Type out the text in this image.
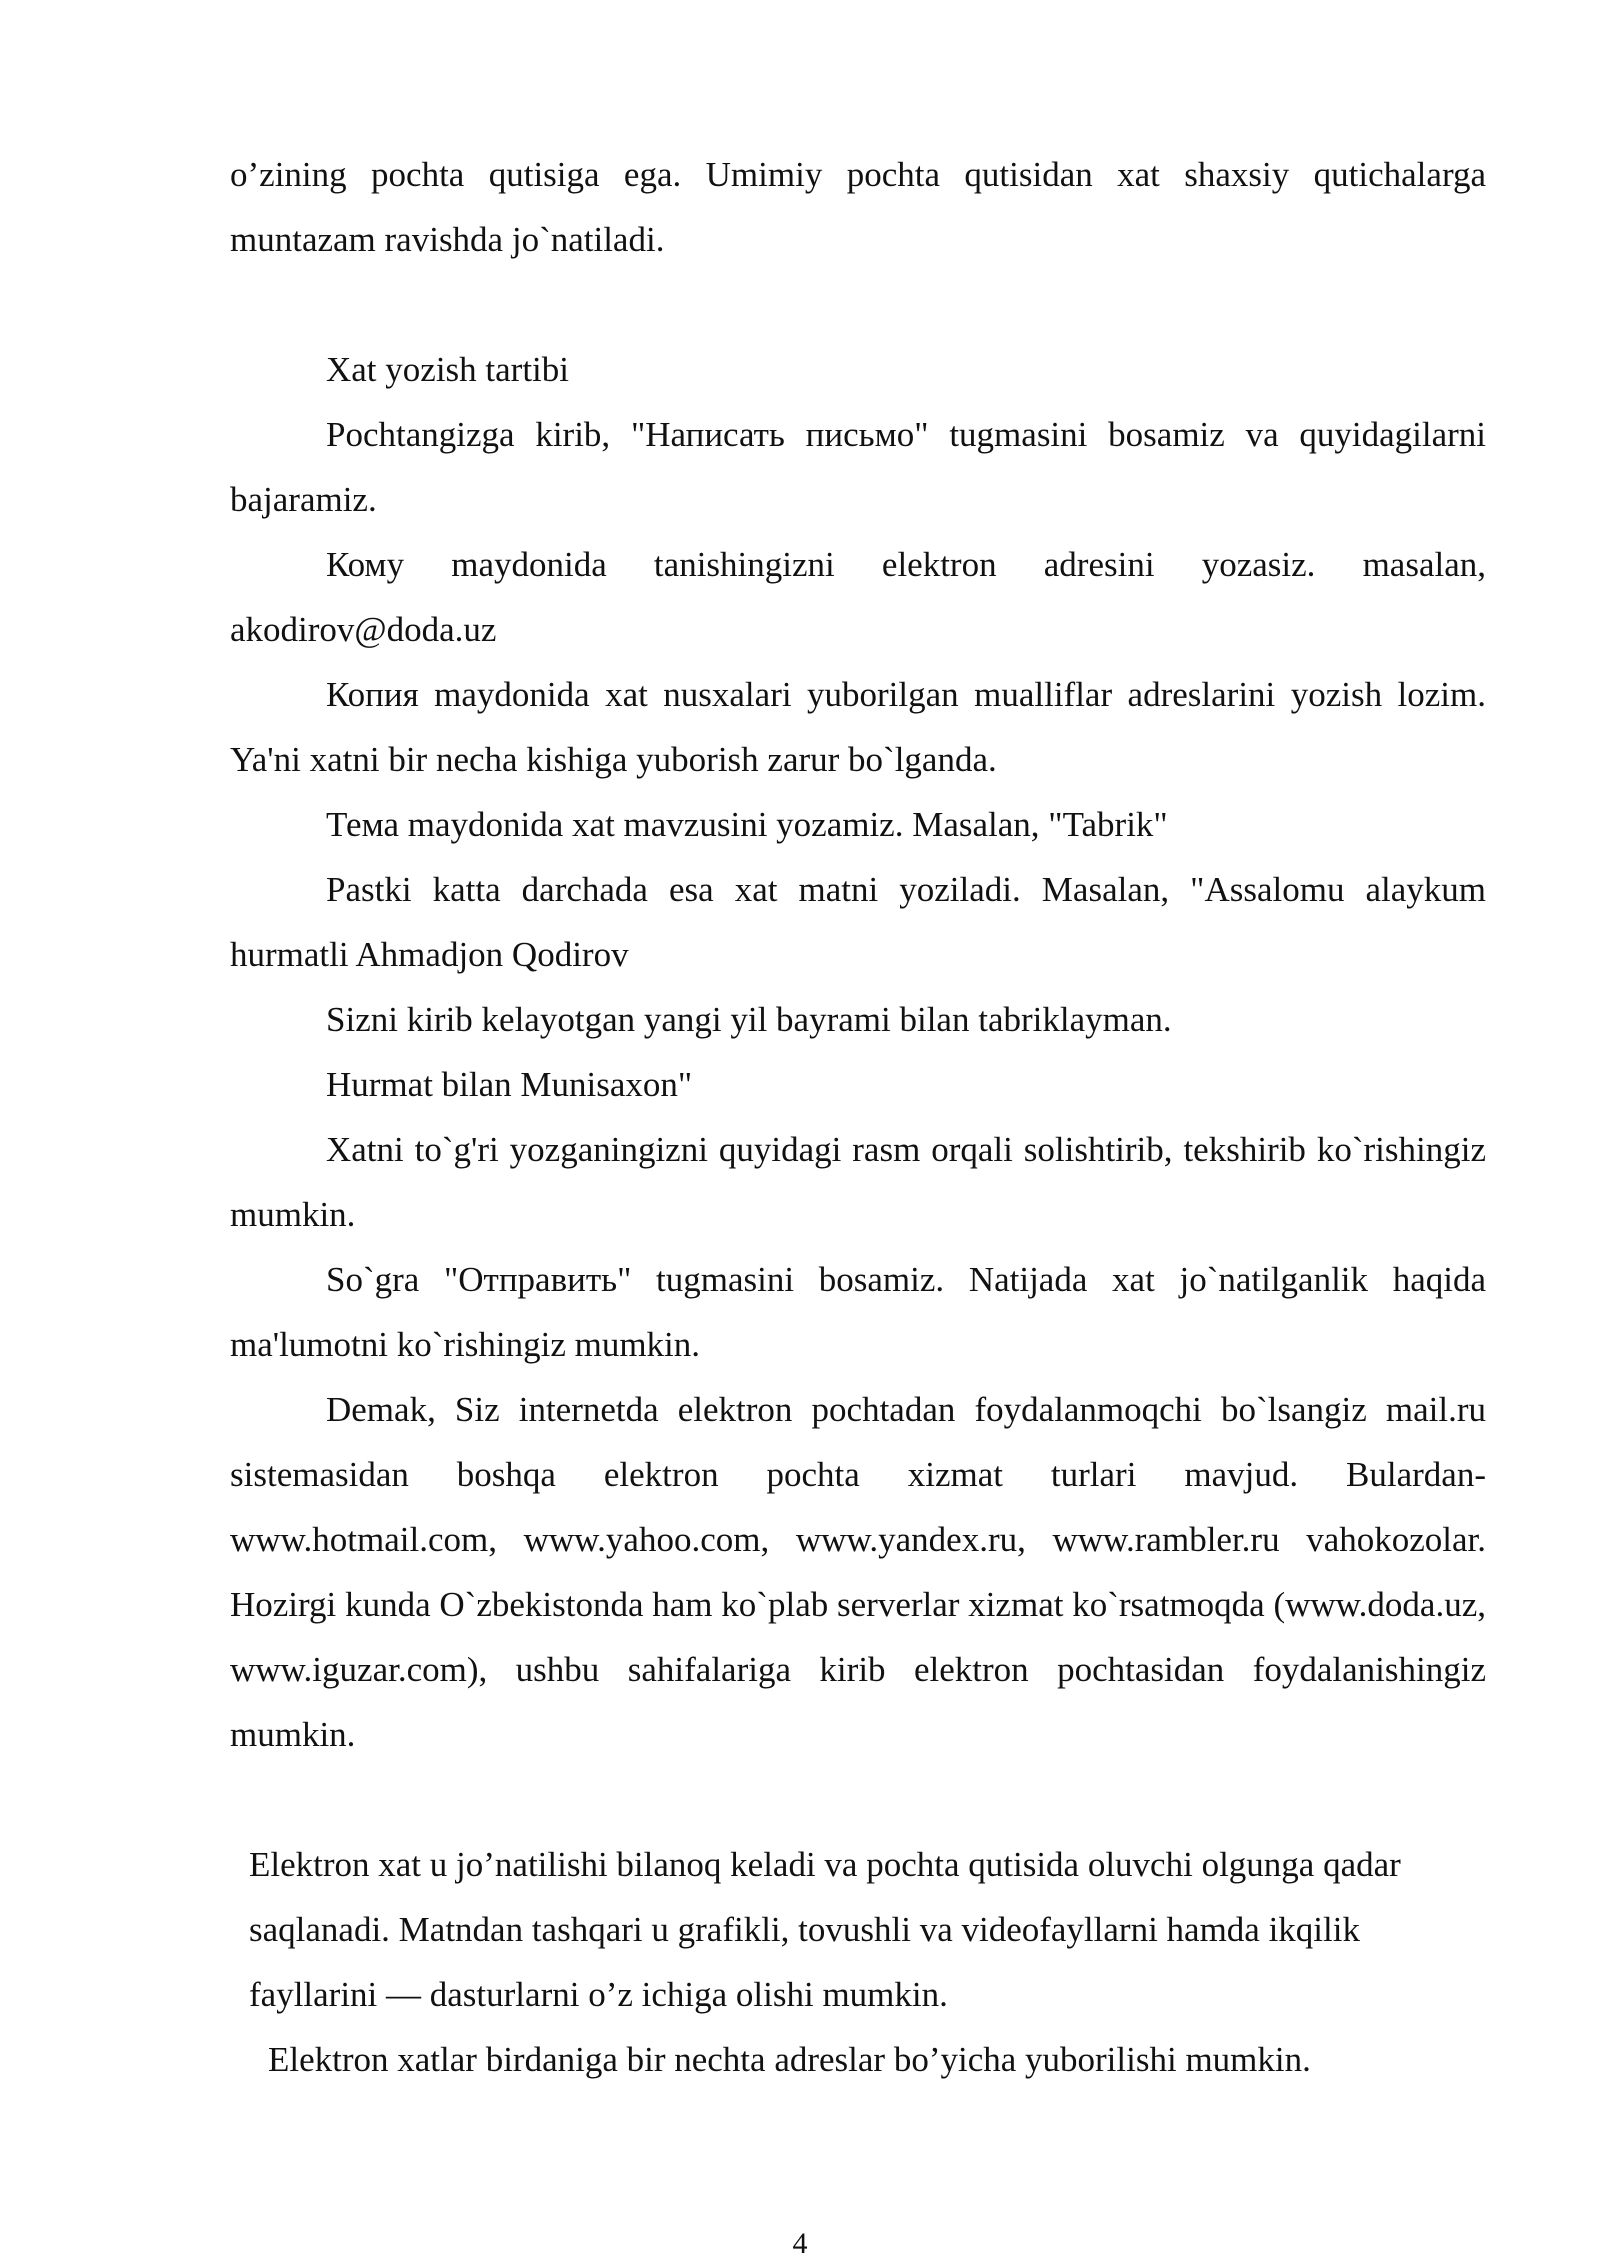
o’zining pochta qutisiga ega. Umimiy pochta qutisidan xat shaxsiy qutichalarga muntazam ravishda jo`natiladi.

Xat yozish tartibi

Pochtangizga kirib, "Написать письмо" tugmasini bosamiz va quyidagilarni bajaramiz.

Кому maydonida tanishingizni elektron adresini yozasiz. masalan, akodirov@doda.uz

Копия maydonida xat nusxalari yuborilgan mualliflar adreslarini yozish lozim. Ya'ni xatni bir necha kishiga yuborish zarur bo`lganda.

Тема maydonida xat mavzusini yozamiz. Masalan, "Tabrik"

Pastki katta darchada esa xat matni yoziladi. Masalan, "Assalomu alaykum hurmatli Ahmadjon Qodirov

Sizni kirib kelayotgan yangi yil bayrami bilan tabriklayman.

Hurmat bilan Munisaxon"

Xatni to`g'ri yozganingizni quyidagi rasm orqali solishtirib, tekshirib ko`rishingiz mumkin.

So`gra "Отправить" tugmasini bosamiz. Natijada xat jo`natilganlik haqida ma'lumotni ko`rishingiz mumkin.

Demak, Siz internetda elektron pochtadan foydalanmoqchi bo`lsangiz mail.ru sistemasidan boshqa elektron pochta xizmat turlari mavjud. Bulardan- www.hotmail.com, www.yahoo.com, www.yandex.ru, www.rambler.ru vahokozolar. Hozirgi kunda O`zbekistonda ham ko`plab serverlar xizmat ko`rsatmoqda (www.doda.uz, www.iguzar.com), ushbu sahifalariga kirib elektron pochtasidan foydalanishingiz mumkin.

Elektron xat u jo’natilishi bilanoq keladi va pochta qutisida oluvchi olgunga qadar saqlanadi. Matndan tashqari u grafikli, tovushli va videofayllarni hamda ikqilik fayllarini — dasturlarni o’z ichiga olishi mumkin.

Elektron xatlar birdaniga bir nechta adreslar bo’yicha yuborilishi mumkin.

4
